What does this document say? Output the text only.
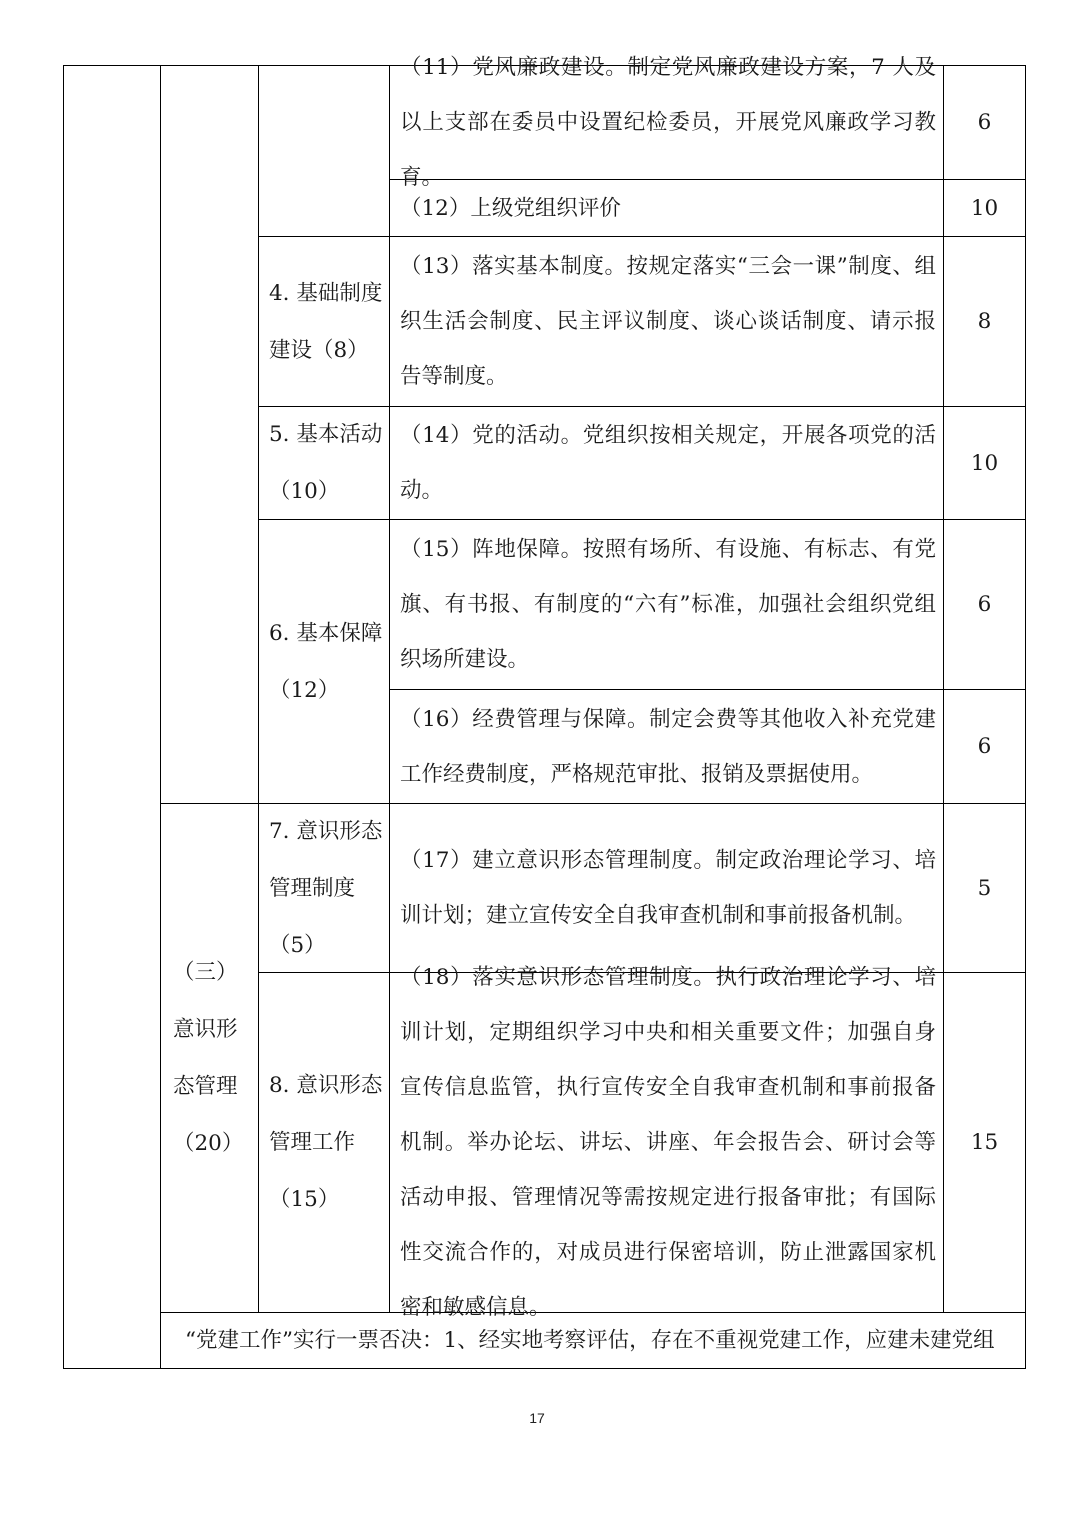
（三）意识形态管理（20）
4. 基础制度建设（8）
5. 基本活动（10）
6. 基本保障（12）
7. 意识形态管理制度（5）
8. 意识形态管理工作（15）
（11）党风廉政建设。制定党风廉政建设方案，7 人及以上支部在委员中设置纪检委员，开展党风廉政学习教育。
（12）上级党组织评价
（13）落实基本制度。按规定落实“三会一课”制度、组织生活会制度、民主评议制度、谈心谈话制度、请示报告等制度。
（14）党的活动。党组织按相关规定，开展各项党的活动。
（15）阵地保障。按照有场所、有设施、有标志、有党旗、有书报、有制度的“六有”标准，加强社会组织党组织场所建设。
（16）经费管理与保障。制定会费等其他收入补充党建工作经费制度，严格规范审批、报销及票据使用。
（17）建立意识形态管理制度。制定政治理论学习、培训计划；建立宣传安全自我审查机制和事前报备机制。
（18）落实意识形态管理制度。执行政治理论学习、培训计划，定期组织学习中央和相关重要文件；加强自身宣传信息监管，执行宣传安全自我审查机制和事前报备机制。举办论坛、讲坛、讲座、年会报告会、研讨会等活动申报、管理情况等需按规定进行报备审批；有国际性交流合作的，对成员进行保密培训，防止泄露国家机密和敏感信息。
6
10
8
10
6
6
5
15
“党建工作”实行一票否决：1、经实地考察评估，存在不重视党建工作，应建未建党组
17
